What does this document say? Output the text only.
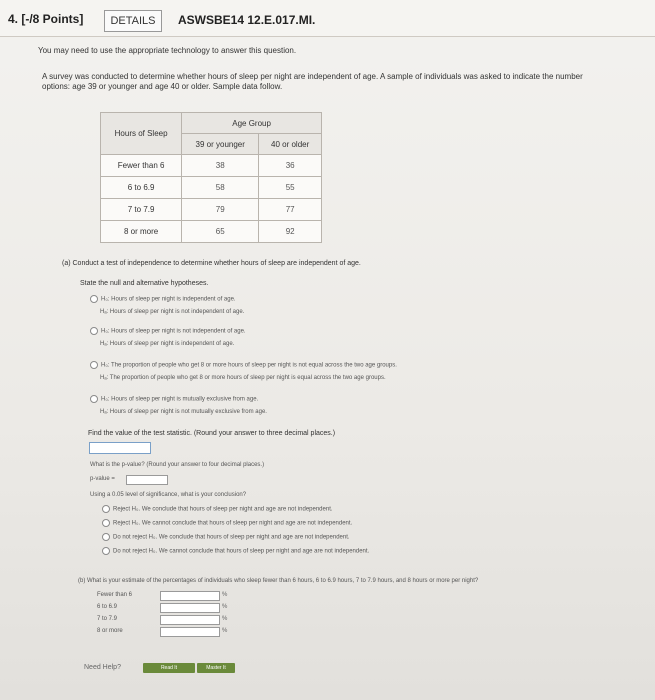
4. [-/8 Points]	DETAILS	ASWSBE14 12.E.017.MI.
You may need to use the appropriate technology to answer this question.
A survey was conducted to determine whether hours of sleep per night are independent of age. A sample of individuals was asked to indicate the number
options: age 39 or younger and age 40 or older. Sample data follow.
Hours of Sleep	Age Group	
	39 or younger	40 or older
Fewer than 6	38	36
6 to 6.9	58	55
7 to 7.9	79	77
8 or more	65	92
(a) Conduct a test of independence to determine whether hours of sleep are independent of age.
State the null and alternative hypotheses.
H₀: Hours of sleep per night is independent of age.
Hₐ: Hours of sleep per night is not independent of age.
H₀: Hours of sleep per night is not independent of age.
Hₐ: Hours of sleep per night is independent of age.
H₀: The proportion of people who get 8 or more hours of sleep per night is not equal across the two age groups.
Hₐ: The proportion of people who get 8 or more hours of sleep per night is equal across the two age groups.
H₀: Hours of sleep per night is mutually exclusive from age.
Hₐ: Hours of sleep per night is not mutually exclusive from age.
Find the value of the test statistic. (Round your answer to three decimal places.)
What is the p-value? (Round your answer to four decimal places.)
p-value =
Using a 0.05 level of significance, what is your conclusion?
Reject H₀. We conclude that hours of sleep per night and age are not independent.
Reject H₀. We cannot conclude that hours of sleep per night and age are not independent.
Do not reject H₀. We conclude that hours of sleep per night and age are not independent.
Do not reject H₀. We cannot conclude that hours of sleep per night and age are not independent.
(b) What is your estimate of the percentages of individuals who sleep fewer than 6 hours, 6 to 6.9 hours, 7 to 7.9 hours, and 8 hours or more per night?
Fewer than 6	%
6 to 6.9	%
7 to 7.9	%
8 or more	%
Need Help?	Read It	Master It
